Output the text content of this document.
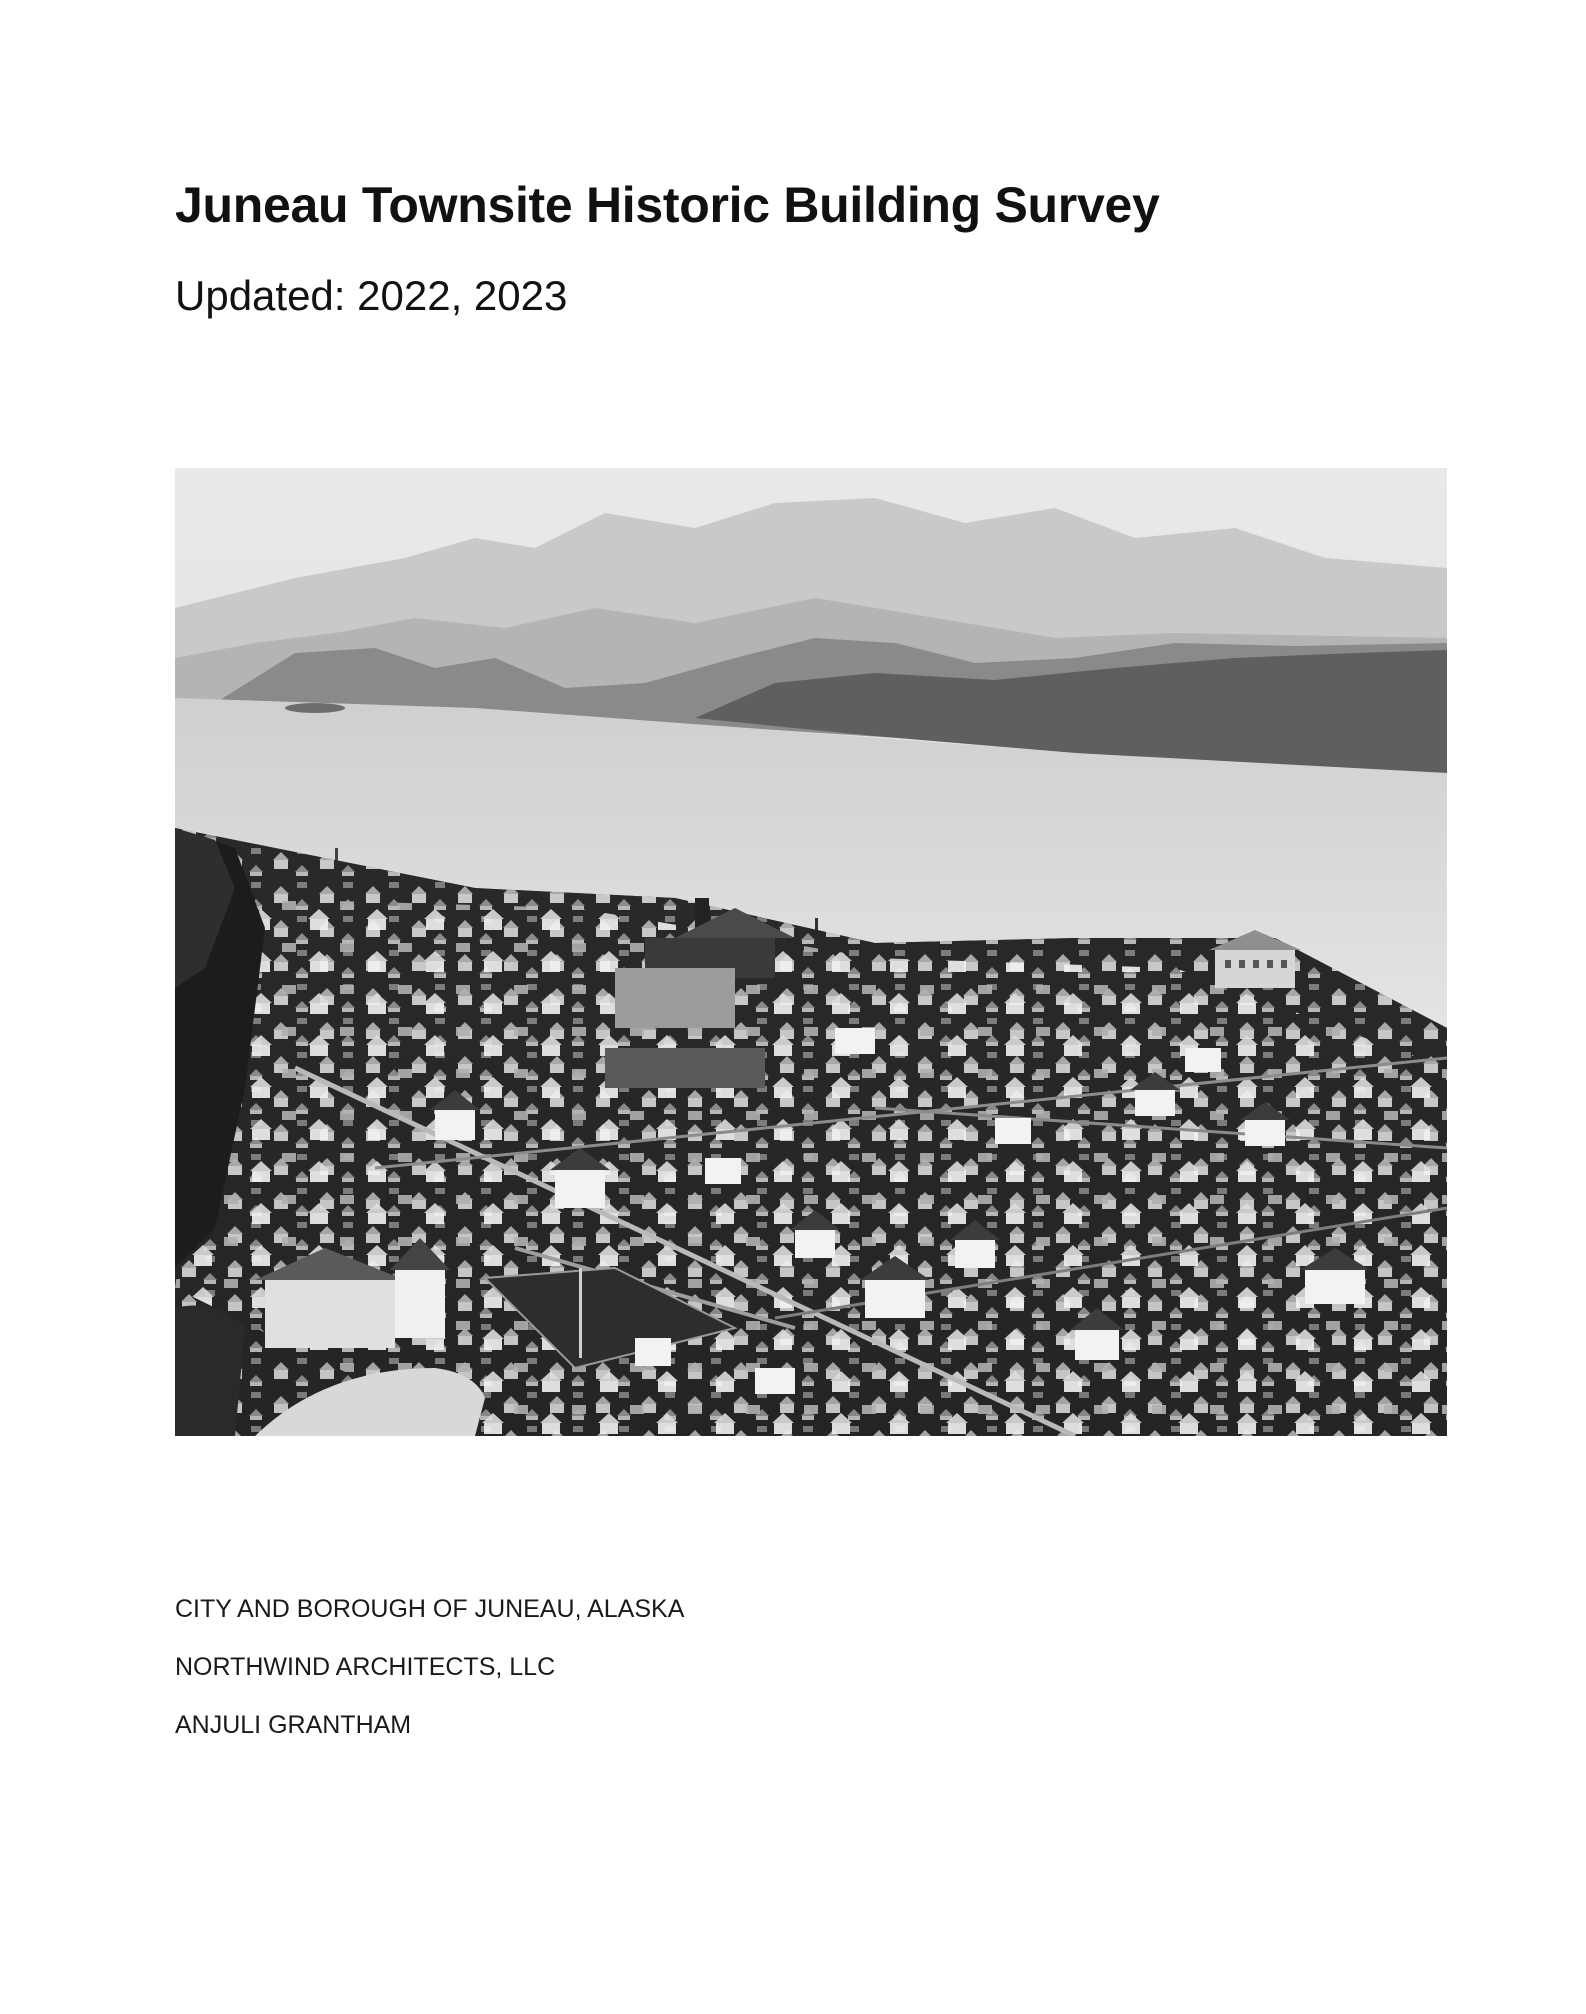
Juneau Townsite Historic Building Survey
Updated: 2022, 2023
CITY AND BOROUGH OF JUNEAU, ALASKA
NORTHWIND ARCHITECTS, LLC
ANJULI GRANTHAM
